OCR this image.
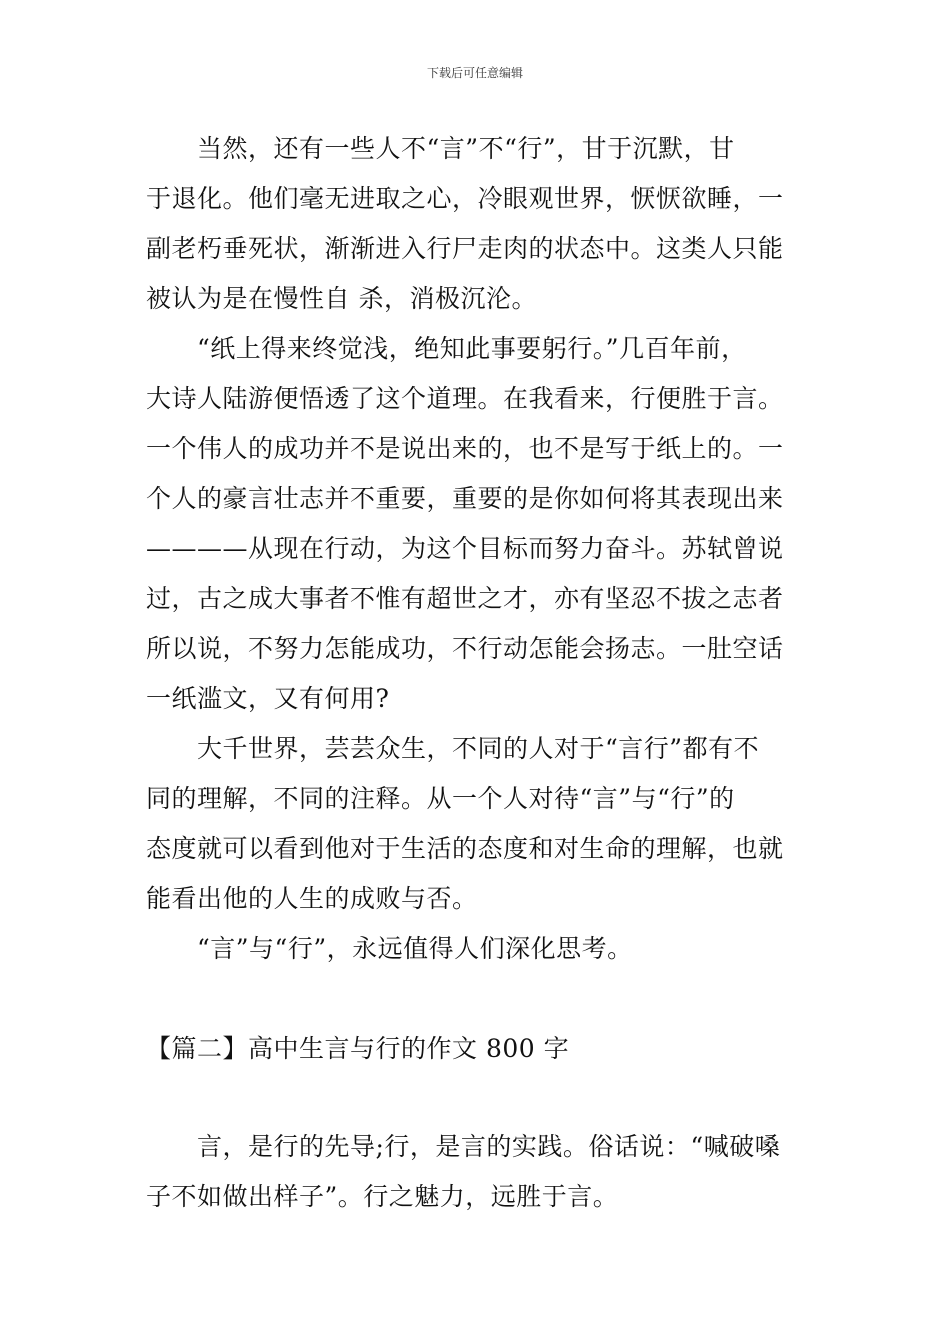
下载后可任意编辑
　　当然，还有一些人不“言”不“行”，甘于沉默，甘
于退化。他们毫无进取之心，冷眼观世界，恹恹欲睡，一
副老朽垂死状，渐渐进入行尸走肉的状态中。这类人只能
被认为是在慢性自 杀，消极沉沦。
　　“纸上得来终觉浅，绝知此事要躬行。”几百年前，
大诗人陆游便悟透了这个道理。在我看来，行便胜于言。
一个伟人的成功并不是说出来的，也不是写于纸上的。一
个人的豪言壮志并不重要，重要的是你如何将其表现出来
————从现在行动，为这个目标而努力奋斗。苏轼曾说
过，古之成大事者不惟有超世之才，亦有坚忍不拔之志者
所以说，不努力怎能成功，不行动怎能会扬志。一肚空话
一纸滥文，又有何用?
　　大千世界，芸芸众生，不同的人对于“言行”都有不
同的理解，不同的注释。从一个人对待“言”与“行”的
态度就可以看到他对于生活的态度和对生命的理解，也就
能看出他的人生的成败与否。
　　“言”与“行”，永远值得人们深化思考。
【篇二】高中生言与行的作文 800 字
　　言，是行的先导;行，是言的实践。俗话说：“喊破嗓
子不如做出样子”。行之魅力，远胜于言。
